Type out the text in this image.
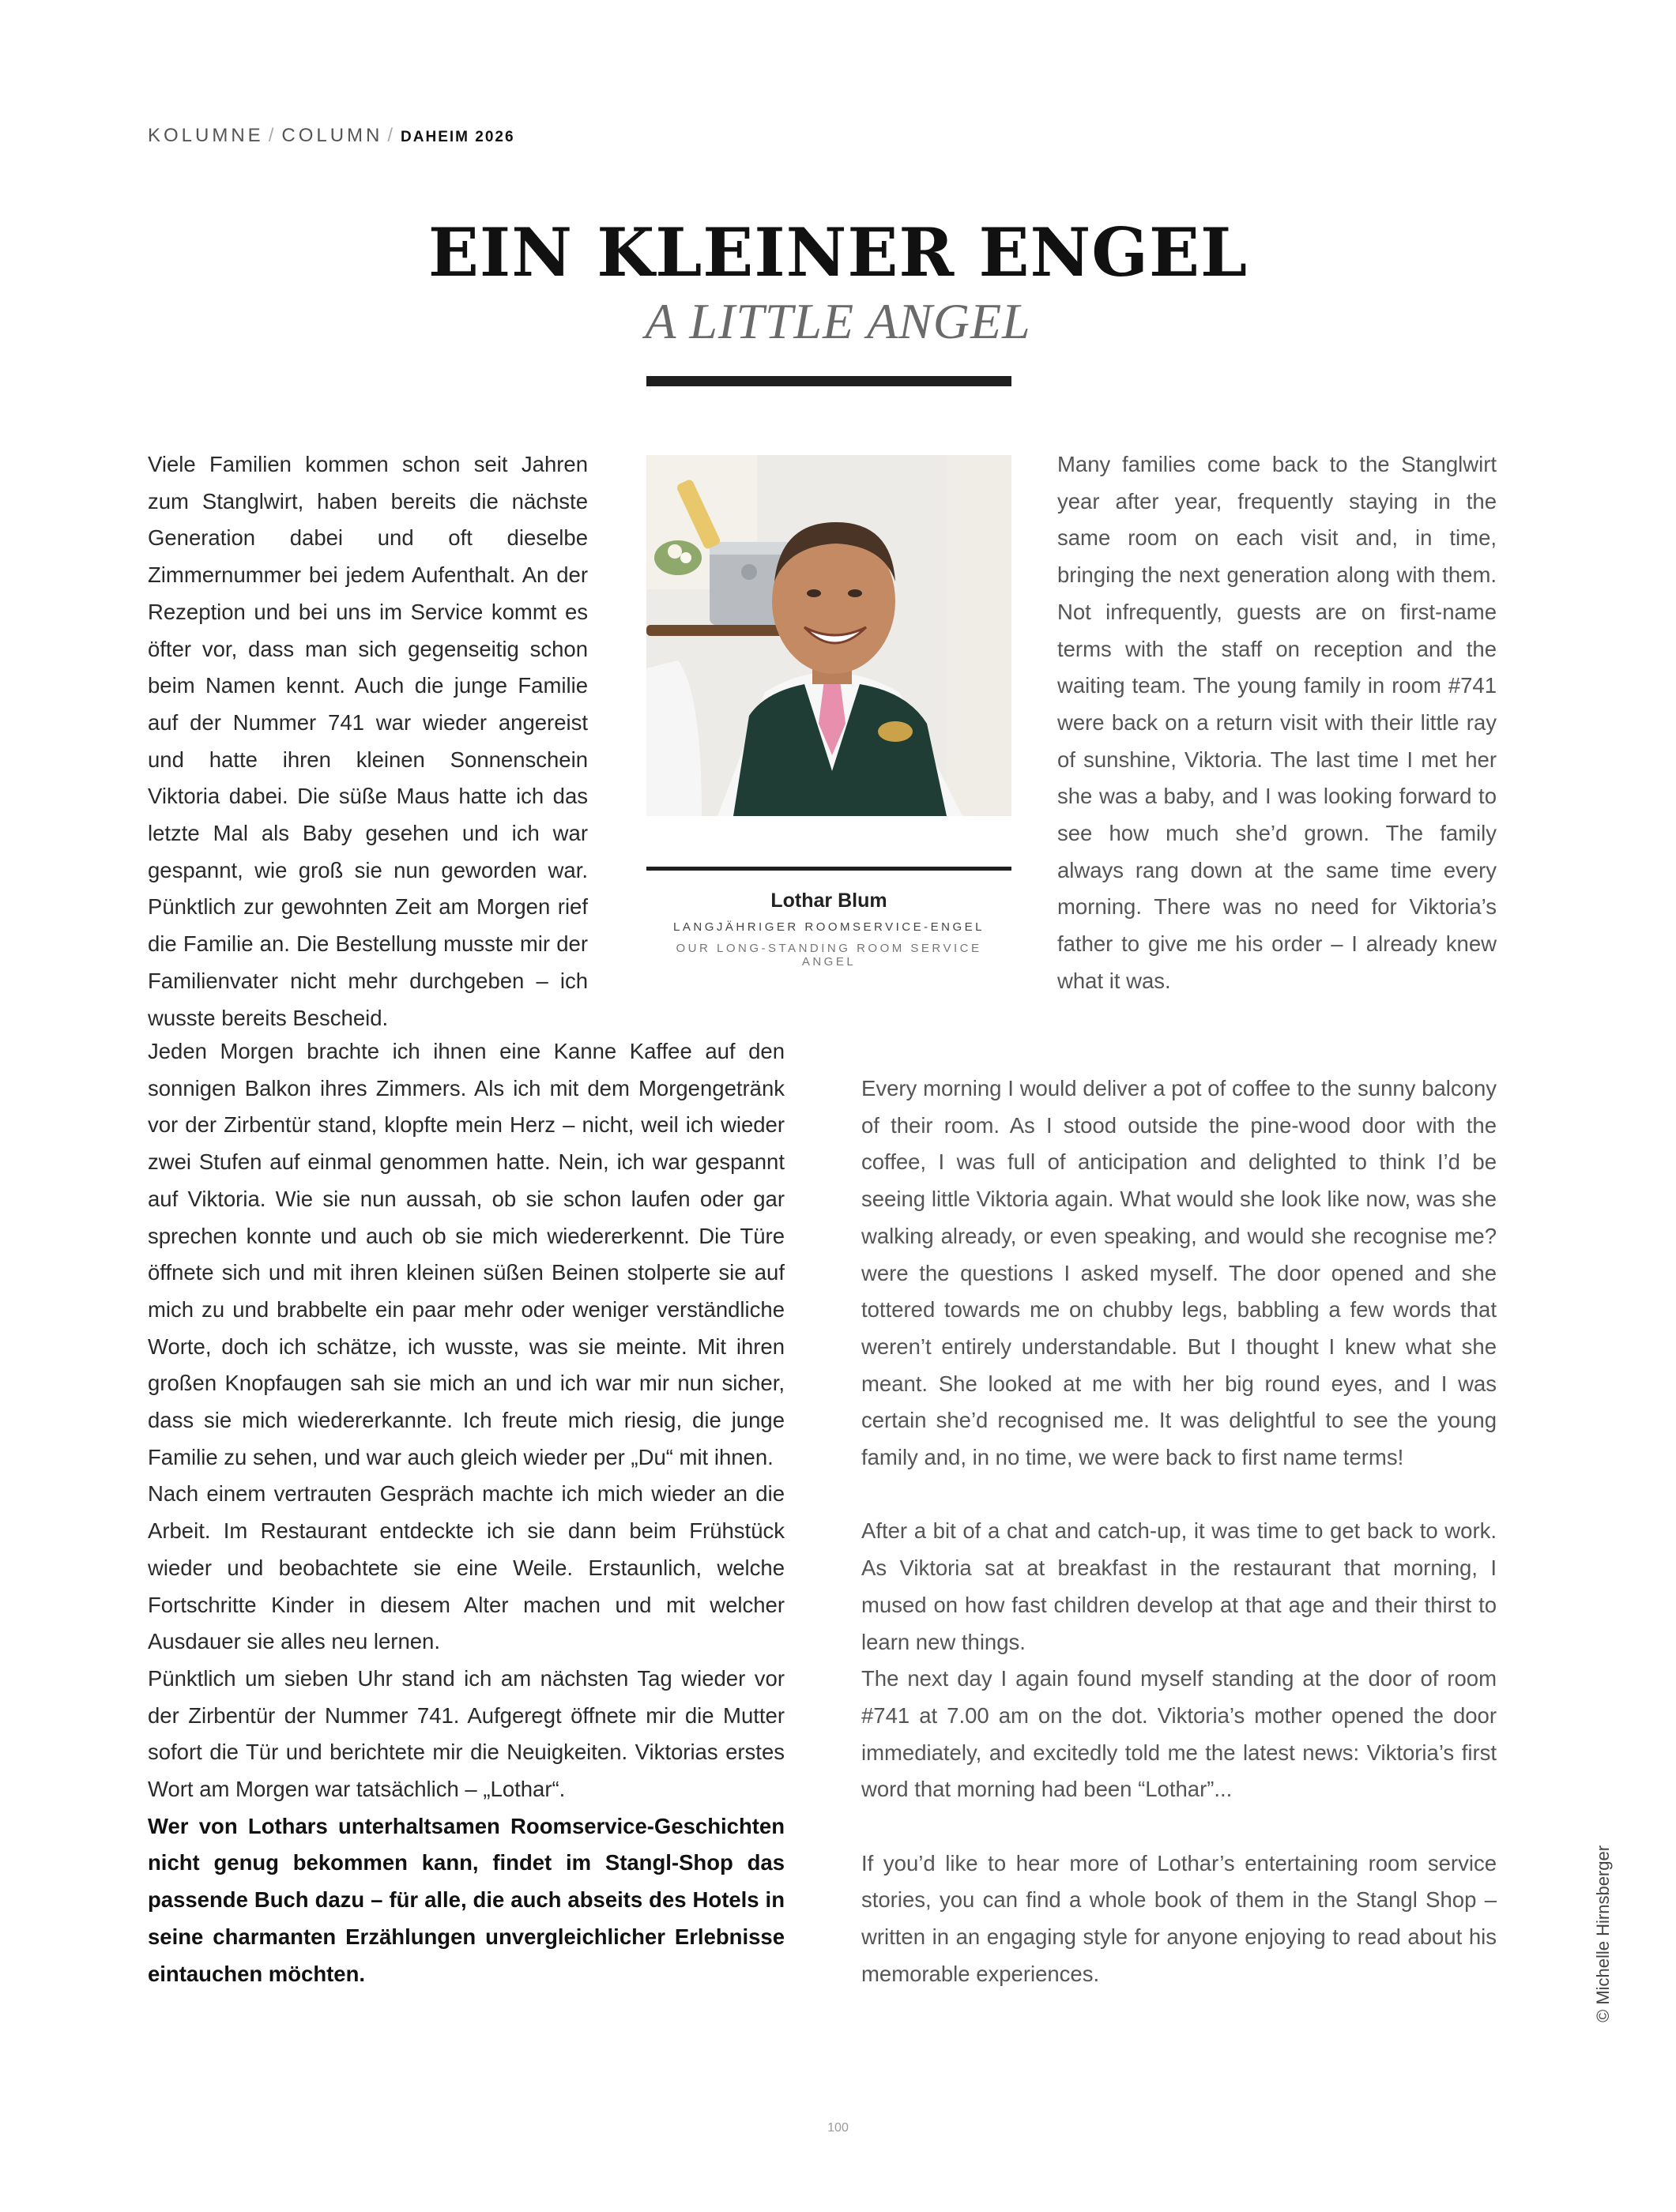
KOLUMNE / COLUMN / DAHEIM 2026
EIN KLEINER ENGEL
A LITTLE ANGEL

Viele Familien kommen schon seit Jahren zum Stanglwirt, haben bereits die nächste Generation dabei und oft dieselbe Zimmernummer bei jedem Aufenthalt. An der Rezeption und bei uns im Service kommt es öfter vor, dass man sich gegenseitig schon beim Namen kennt. Auch die junge Familie auf der Nummer 741 war wieder angereist und hatte ihren kleinen Sonnenschein Viktoria dabei. Die süße Maus hatte ich das letzte Mal als Baby gesehen und ich war gespannt, wie groß sie nun geworden war. Pünktlich zur gewohnten Zeit am Morgen rief die Familie an. Die Bestellung musste mir der Familienvater nicht mehr durchgeben – ich wusste bereits Bescheid.

Lothar Blum
LANGJÄHRIGER ROOMSERVICE-ENGEL
OUR LONG-STANDING ROOM SERVICE ANGEL

Many families come back to the Stanglwirt year after year, frequently staying in the same room on each visit and, in time, bringing the next generation along with them. Not infrequently, guests are on first-name terms with the staff on reception and the waiting team. The young family in room #741 were back on a return visit with their little ray of sunshine, Viktoria. The last time I met her she was a baby, and I was looking forward to see how much she’d grown. The family always rang down at the same time every morning. There was no need for Viktoria’s father to give me his order – I already knew what it was.

Jeden Morgen brachte ich ihnen eine Kanne Kaffee auf den sonnigen Balkon ihres Zimmers. Als ich mit dem Morgengetränk vor der Zirbentür stand, klopfte mein Herz – nicht, weil ich wieder zwei Stufen auf einmal genommen hatte. Nein, ich war gespannt auf Viktoria. Wie sie nun aussah, ob sie schon laufen oder gar sprechen konnte und auch ob sie mich wiedererkennt. Die Türe öffnete sich und mit ihren kleinen süßen Beinen stolperte sie auf mich zu und brabbelte ein paar mehr oder weniger verständliche Worte, doch ich schätze, ich wusste, was sie meinte. Mit ihren großen Knopfaugen sah sie mich an und ich war mir nun sicher, dass sie mich wiedererkannte. Ich freute mich riesig, die junge Familie zu sehen, und war auch gleich wieder per „Du“ mit ihnen.

Nach einem vertrauten Gespräch machte ich mich wieder an die Arbeit. Im Restaurant entdeckte ich sie dann beim Frühstück wieder und beobachtete sie eine Weile. Erstaunlich, welche Fortschritte Kinder in diesem Alter machen und mit welcher Ausdauer sie alles neu lernen.

Pünktlich um sieben Uhr stand ich am nächsten Tag wieder vor der Zirbentür der Nummer 741. Aufgeregt öffnete mir die Mutter sofort die Tür und berichtete mir die Neuigkeiten. Viktorias erstes Wort am Morgen war tatsächlich – „Lothar“.

Wer von Lothars unterhaltsamen Roomservice-Geschichten nicht genug bekommen kann, findet im Stangl-Shop das passende Buch dazu – für alle, die auch abseits des Hotels in seine charmanten Erzählungen unvergleichlicher Erlebnisse eintauchen möchten.

Every morning I would deliver a pot of coffee to the sunny balcony of their room. As I stood outside the pine-wood door with the coffee, I was full of anticipation and delighted to think I’d be seeing little Viktoria again. What would she look like now, was she walking already, or even speaking, and would she recognise me? were the questions I asked myself. The door opened and she tottered towards me on chubby legs, babbling a few words that weren’t entirely understandable. But I thought I knew what she meant. She looked at me with her big round eyes, and I was certain she’d recognised me. It was delightful to see the young family and, in no time, we were back to first name terms!

After a bit of a chat and catch-up, it was time to get back to work. As Viktoria sat at breakfast in the restaurant that morning, I mused on how fast children develop at that age and their thirst to learn new things.

The next day I again found myself standing at the door of room #741 at 7.00 am on the dot. Viktoria’s mother opened the door immediately, and excitedly told me the latest news: Viktoria’s first word that morning had been “Lothar”...

If you’d like to hear more of Lothar’s entertaining room service stories, you can find a whole book of them in the Stangl Shop – written in an engaging style for anyone enjoying to read about his memorable experiences.	© Michelle Hirnsberger
100
